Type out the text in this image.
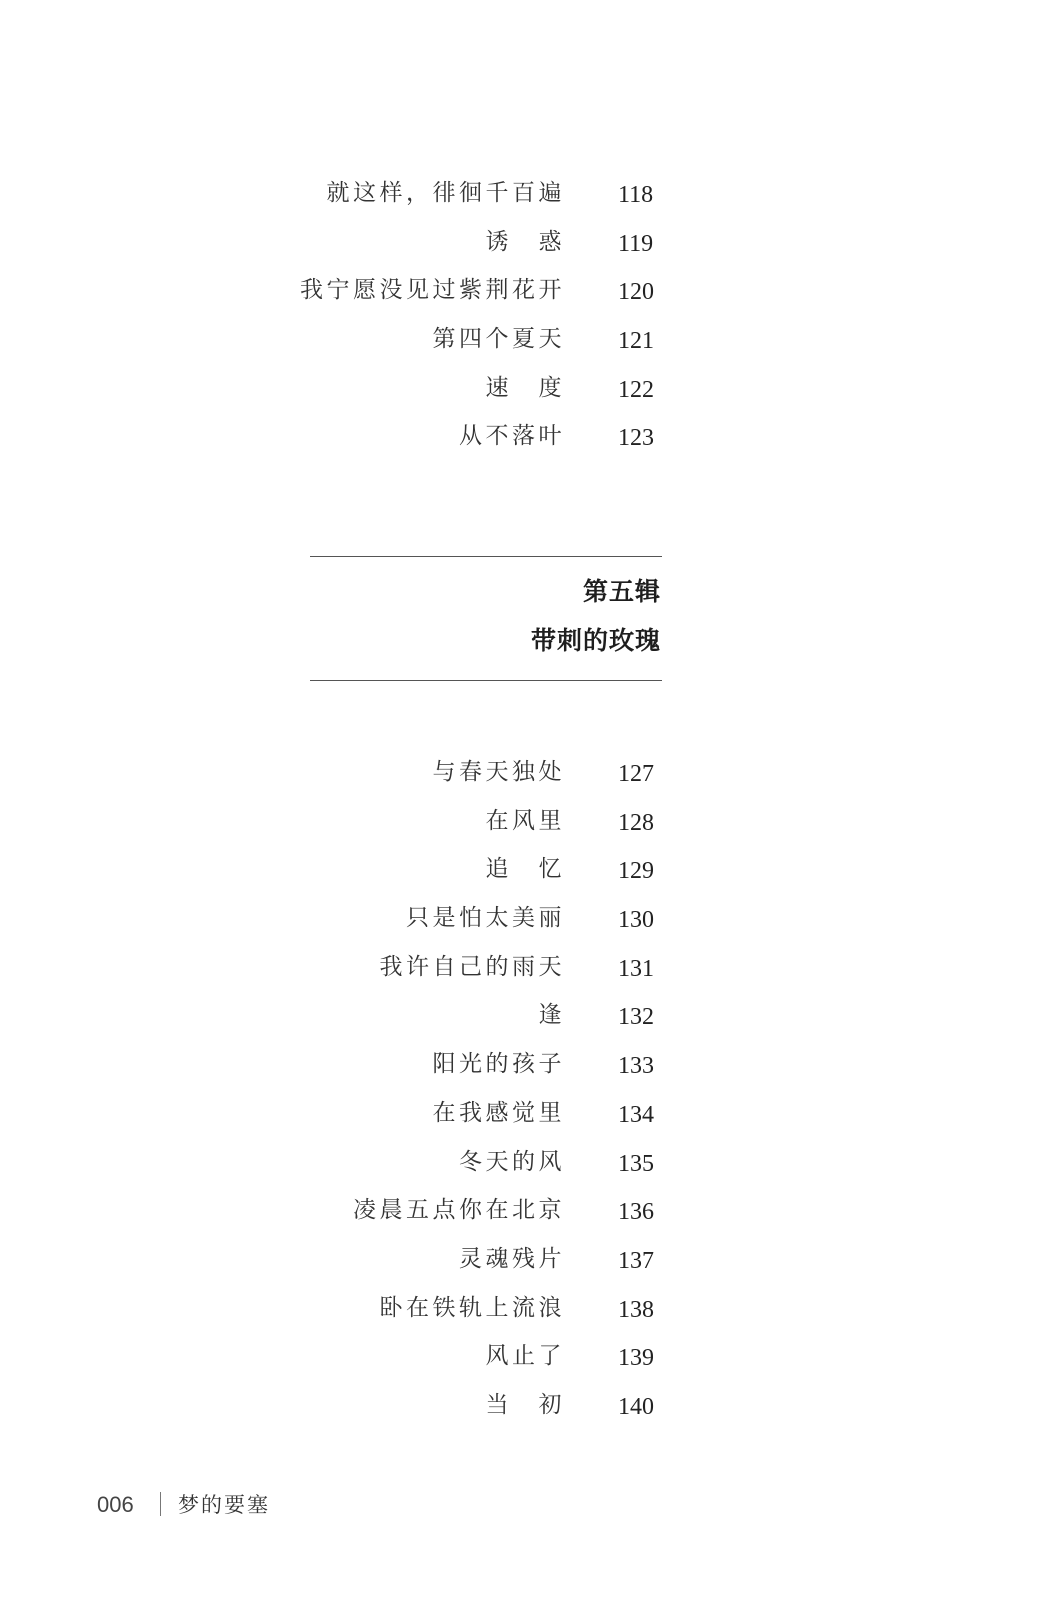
就这样，徘徊千百遍 118
诱　惑 119
我宁愿没见过紫荆花开 120
第四个夏天 121
速　度 122
从不落叶 123
第五辑
带刺的玫瑰
与春天独处 127
在风里 128
追　忆 129
只是怕太美丽 130
我许自己的雨天 131
逢 132
阳光的孩子 133
在我感觉里 134
冬天的风 135
凌晨五点你在北京 136
灵魂残片 137
卧在铁轨上流浪 138
风止了 139
当　初 140
006 梦的要塞
